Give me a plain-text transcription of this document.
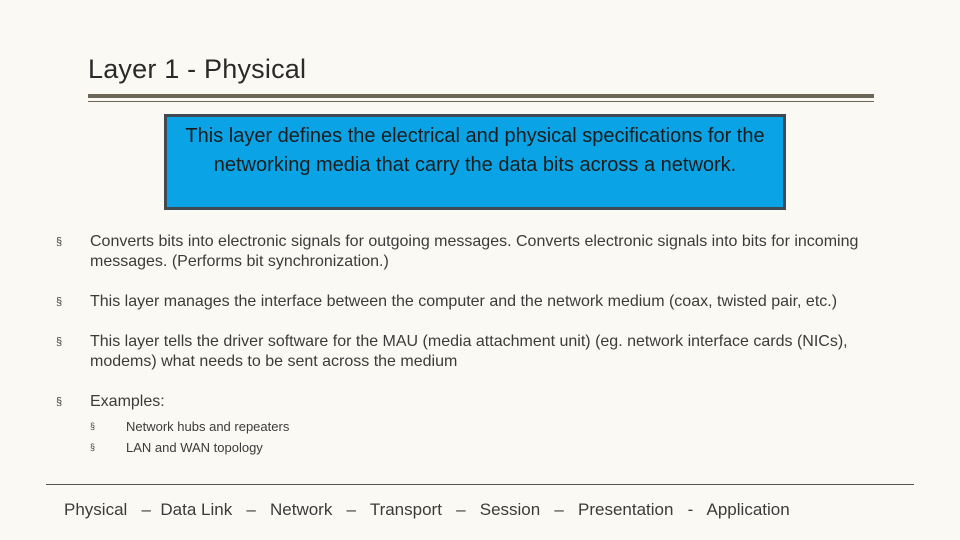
Layer 1 - Physical
This layer defines the electrical and physical specifications for the networking media that carry the data bits across a network.
§ Converts bits into electronic signals for outgoing messages. Converts electronic signals into bits for incoming messages. (Performs bit synchronization.)
§ This layer manages the interface between the computer and the network medium (coax, twisted pair, etc.)
§ This layer tells the driver software for the MAU (media attachment unit) (eg. network interface cards (NICs), modems) what needs to be sent across the medium
§ Examples:
§ Network hubs and repeaters
§ LAN and WAN topology
Physical   –  Data Link   –   Network   –   Transport   –   Session   –   Presentation   -   Application
